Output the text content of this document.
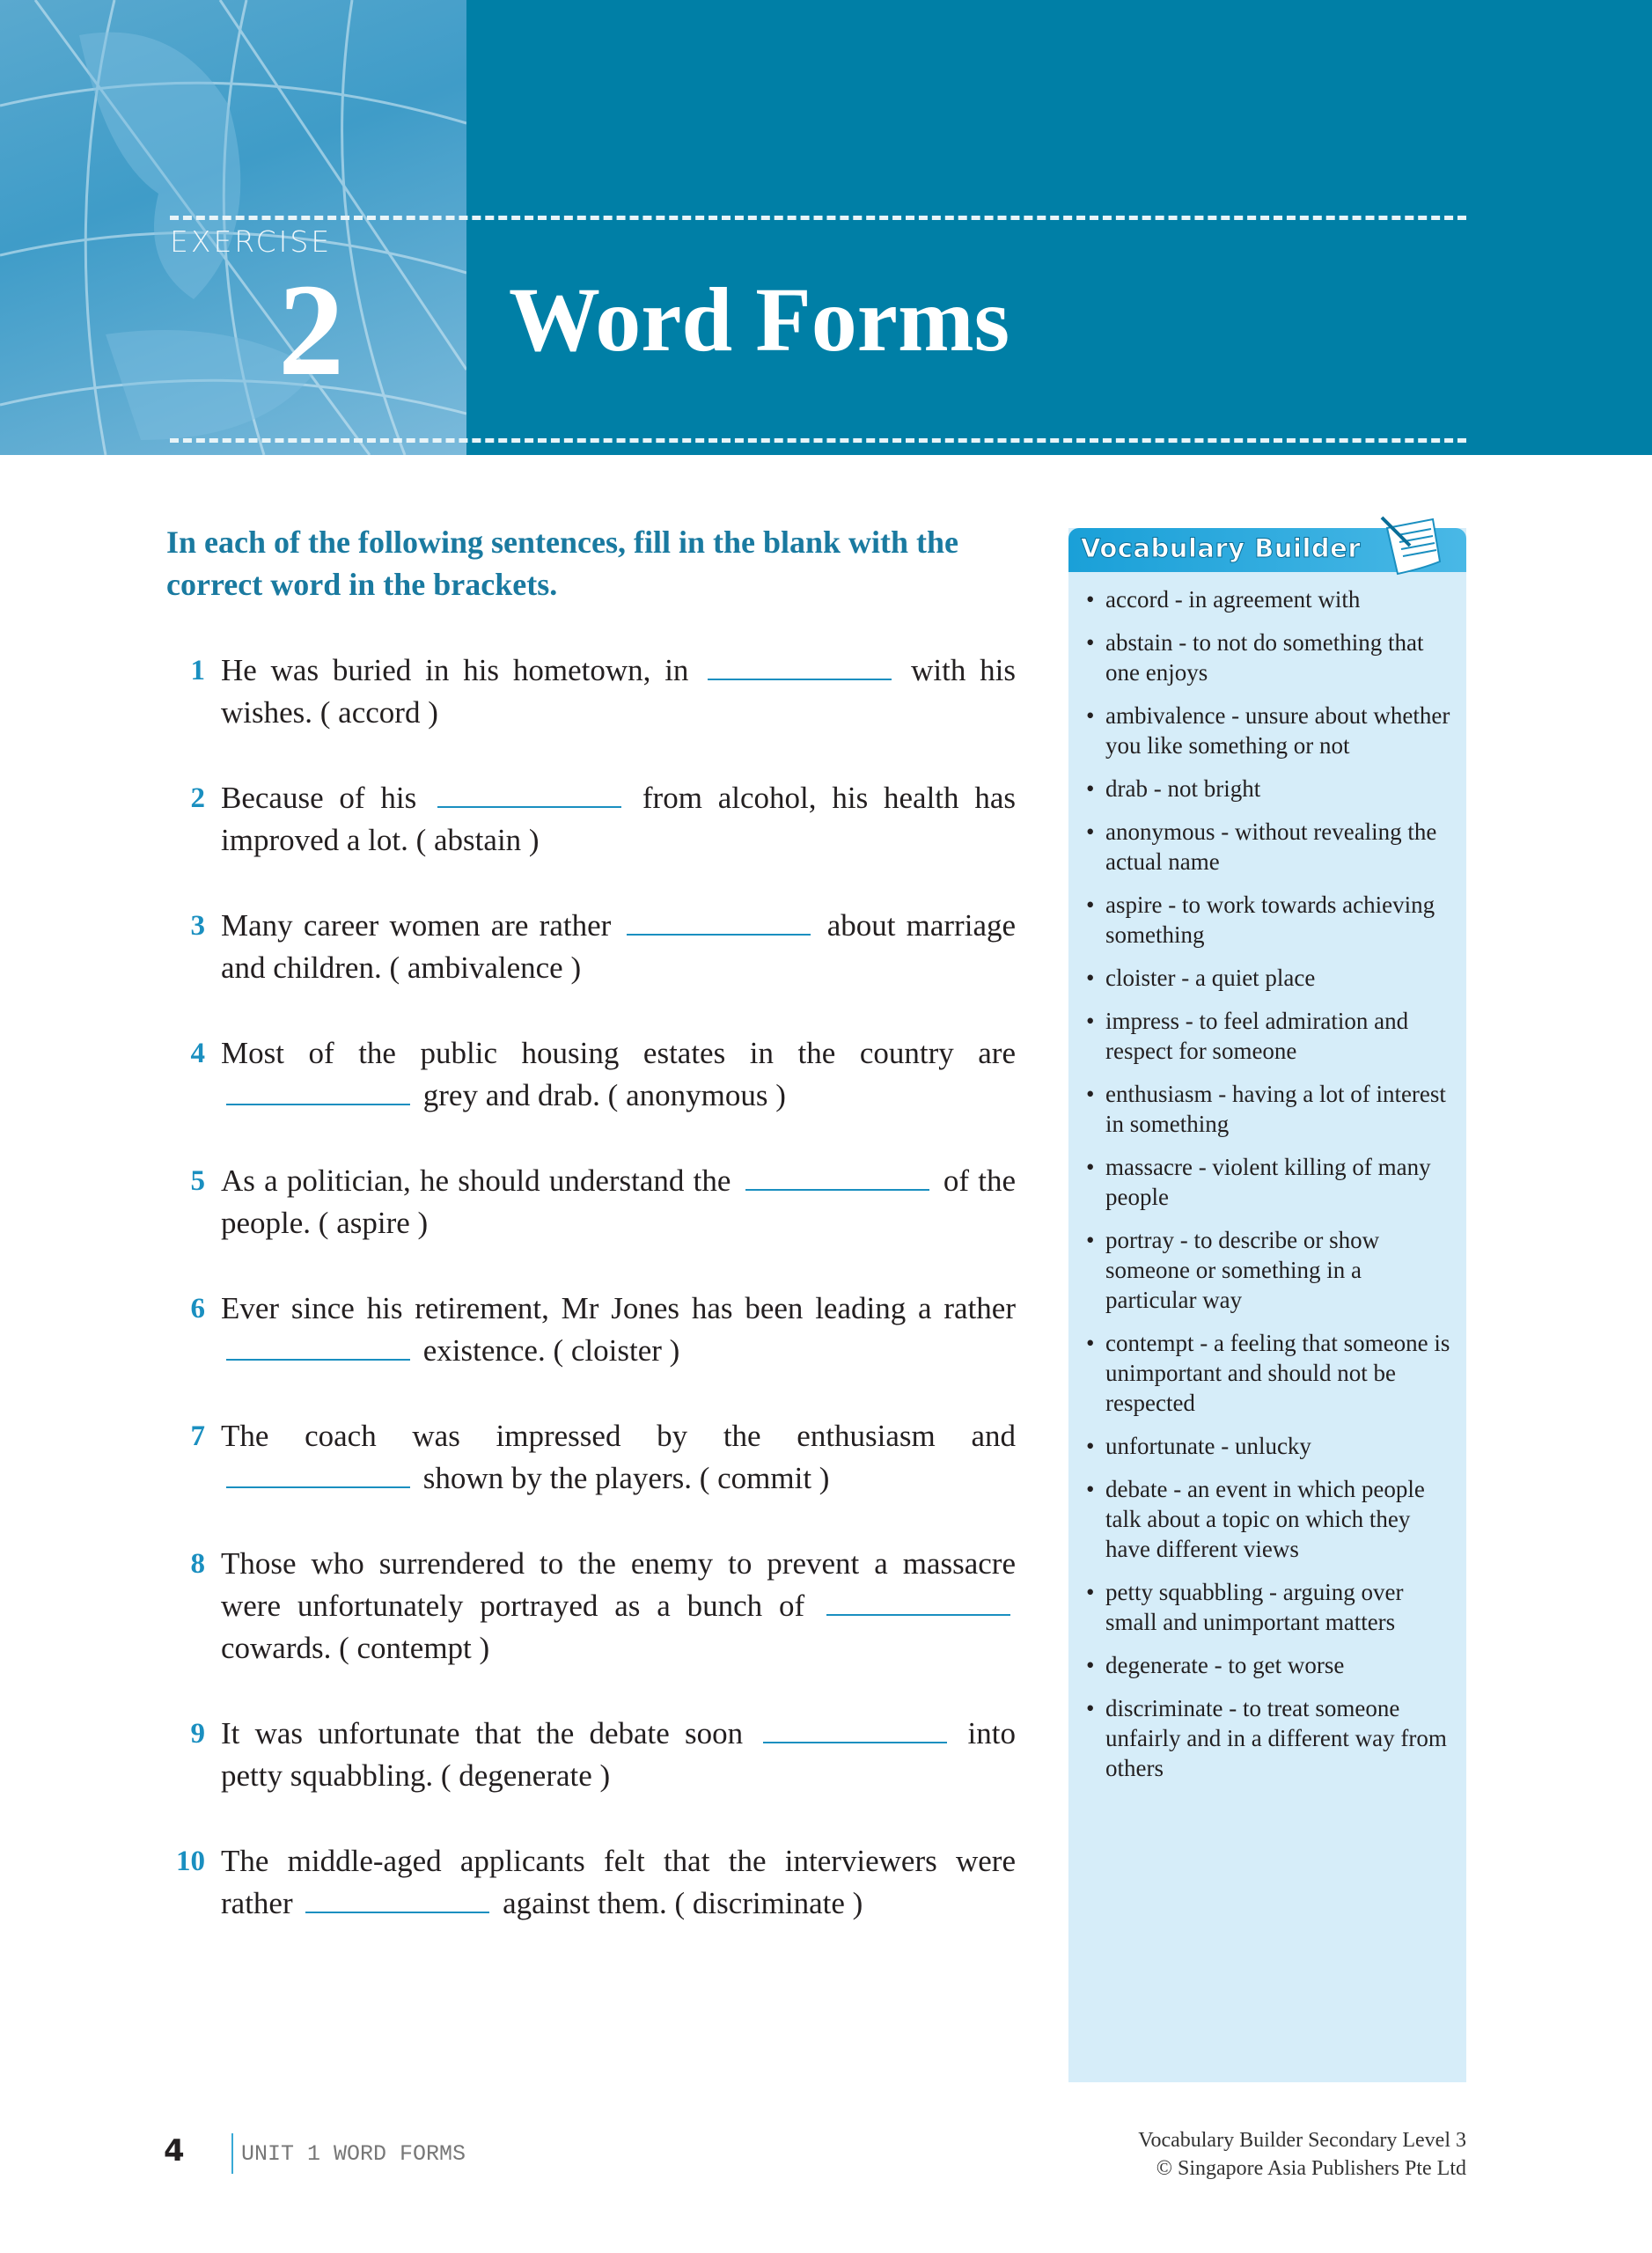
EXERCISE
2 Word Forms
In each of the following sentences, fill in the blank with the correct word in the brackets.
1 He was buried in his hometown, in	with his wishes. ( accord )
2 Because of his	from alcohol, his health has improved a lot. ( abstain )
3 Many career women are rather	about marriage and children. ( ambivalence )
4 Most of the public housing estates in the country are  grey and drab. ( anonymous )
5 As a politician, he should understand the	of the people. ( aspire )
6 Ever since his retirement, Mr Jones has been leading a rather  existence. ( cloister )
7 The coach was impressed by the enthusiasm and  shown by the players. ( commit )
8 Those who surrendered to the enemy to prevent a massacre were unfortunately portrayed as a bunch of  cowards. ( contempt )
9 It was unfortunate that the debate soon	into petty squabbling. ( degenerate )
10 The middle-aged applicants felt that the interviewers were rather	against them. ( discriminate )
Vocabulary Builder
• accord - in agreement with
• abstain - to not do something that one enjoys
• ambivalence - unsure about whether you like something or not
• drab - not bright
• anonymous - without revealing the actual name
• aspire - to work towards achieving something
• cloister - a quiet place
• impress - to feel admiration and respect for someone
• enthusiasm - having a lot of interest in something
• massacre - violent killing of many people
• portray - to describe or show someone or something in a particular way
• contempt - a feeling that someone is unimportant and should not be respected
• unfortunate - unlucky
• debate - an event in which people talk about a topic on which they have different views
• petty squabbling - arguing over small and unimportant matters
• degenerate - to get worse
• discriminate - to treat someone unfairly and in a different way from others
4	UNIT 1 WORD FORMS
Vocabulary Builder Secondary Level 3
© Singapore Asia Publishers Pte Ltd
